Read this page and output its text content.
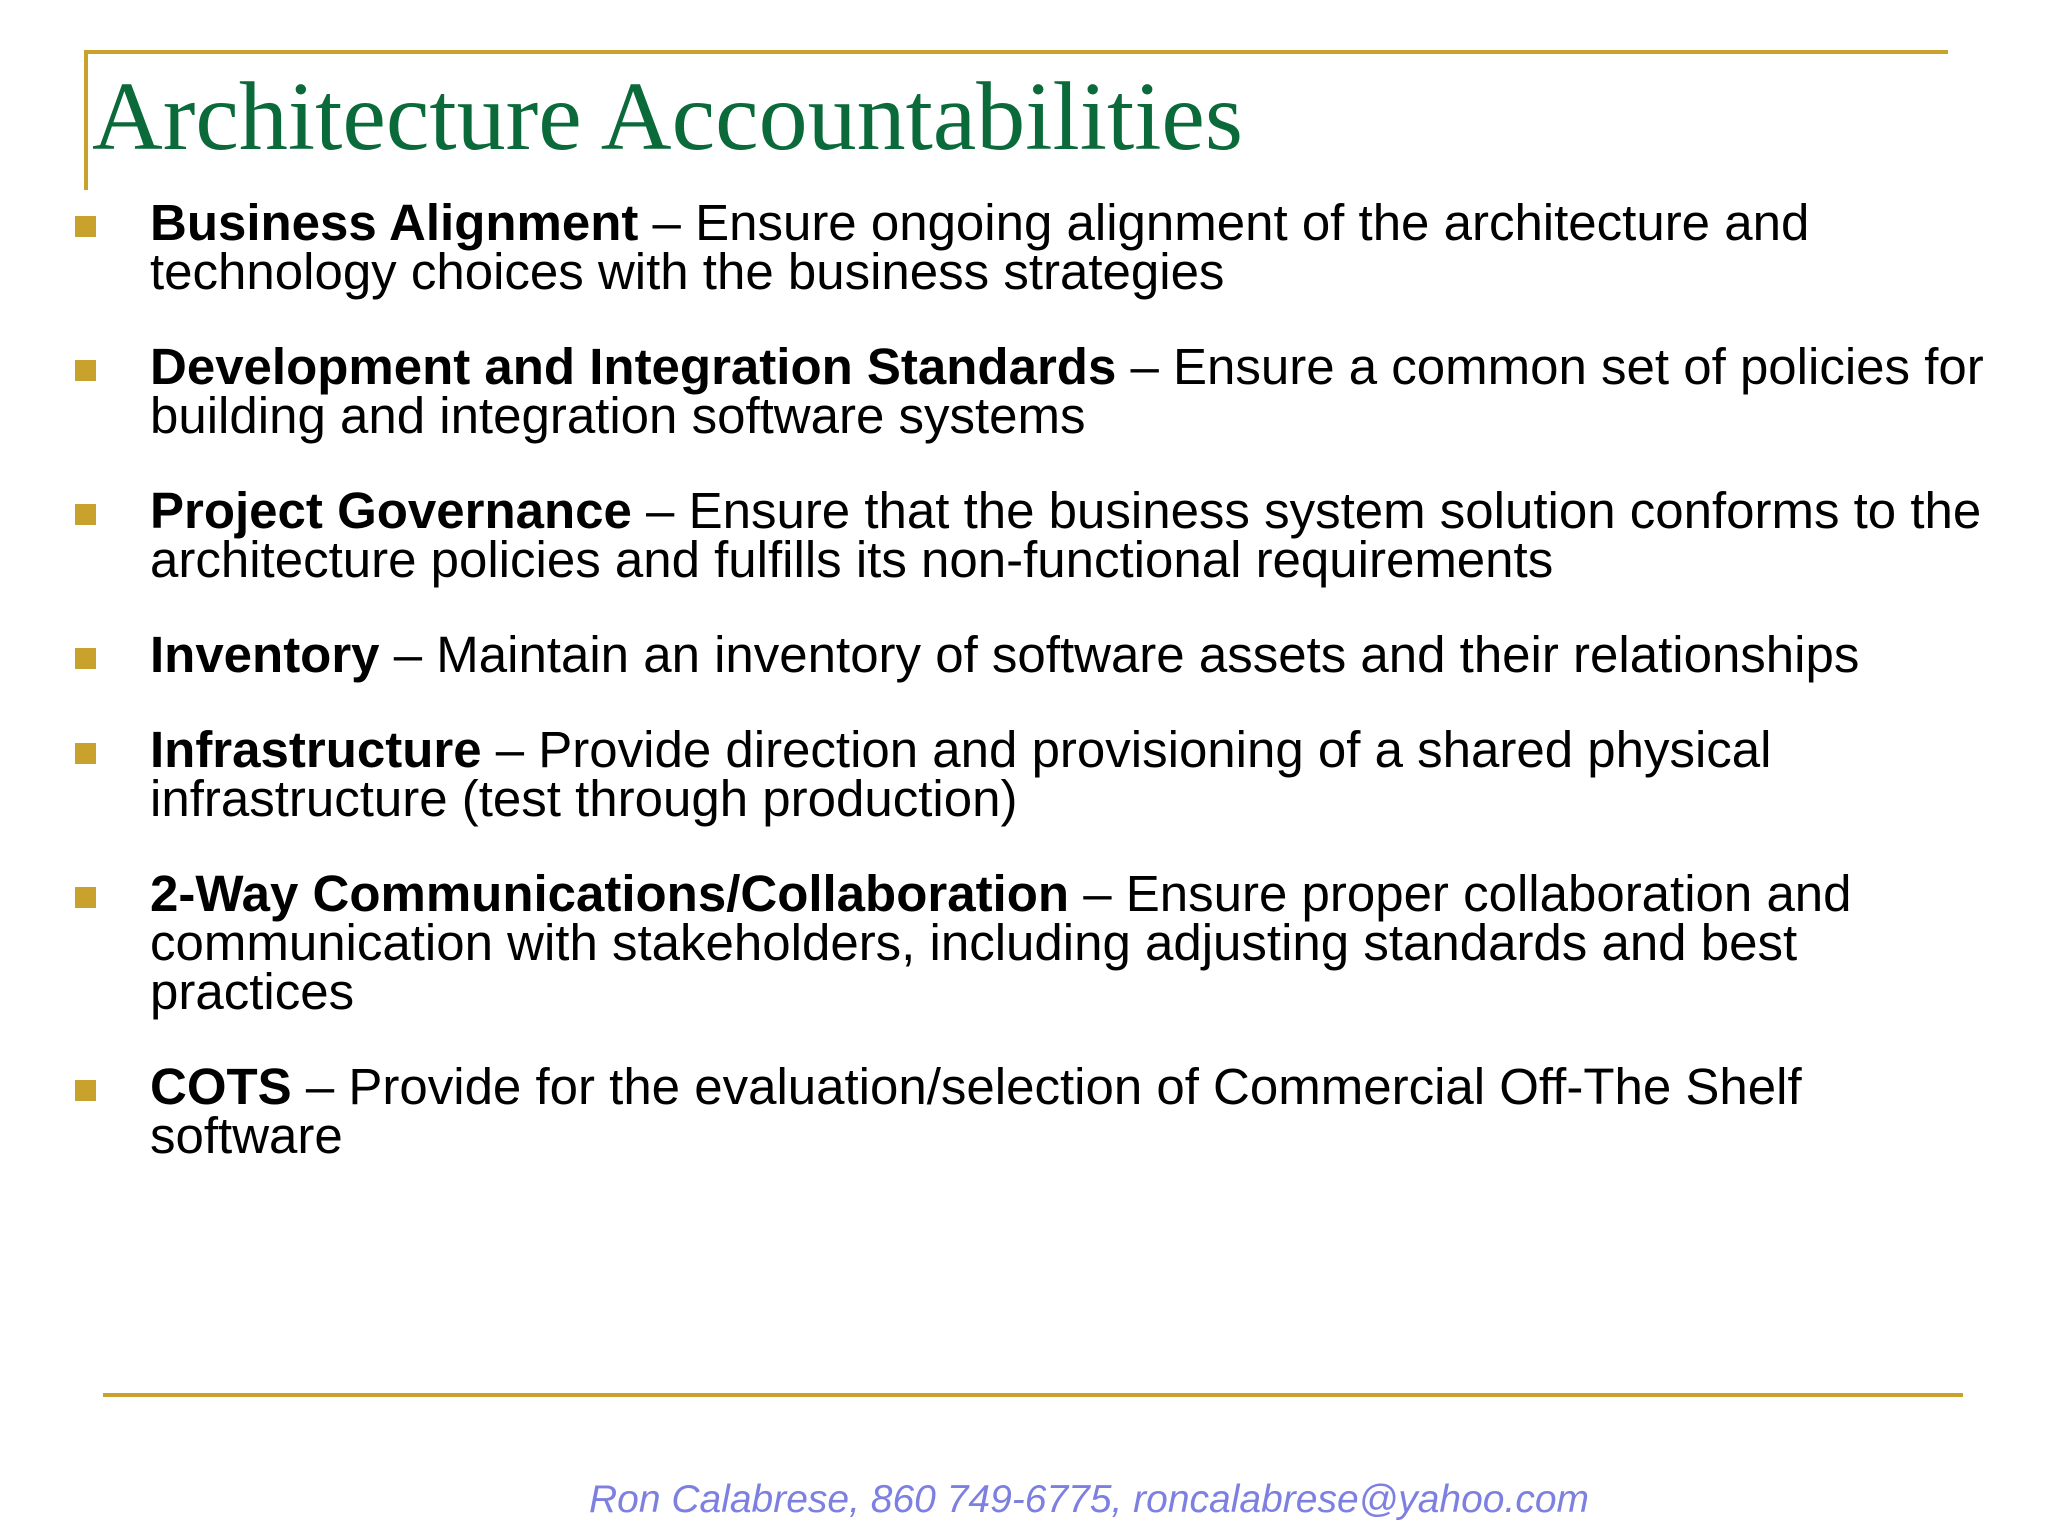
Architecture Accountabilities
Business Alignment – Ensure ongoing alignment of the architecture and technology choices with the business strategies
Development and Integration Standards – Ensure a common set of policies for building and integration software systems
Project Governance – Ensure that the business system solution conforms to the architecture policies and fulfills its non-functional requirements
Inventory – Maintain an inventory of software assets and their relationships
Infrastructure – Provide direction and provisioning of a shared physical infrastructure (test through production)
2-Way Communications/Collaboration – Ensure proper collaboration and communication with stakeholders, including adjusting standards and best practices
COTS – Provide for the evaluation/selection of Commercial Off-The Shelf software
Ron Calabrese, 860 749-6775, roncalabrese@yahoo.com
